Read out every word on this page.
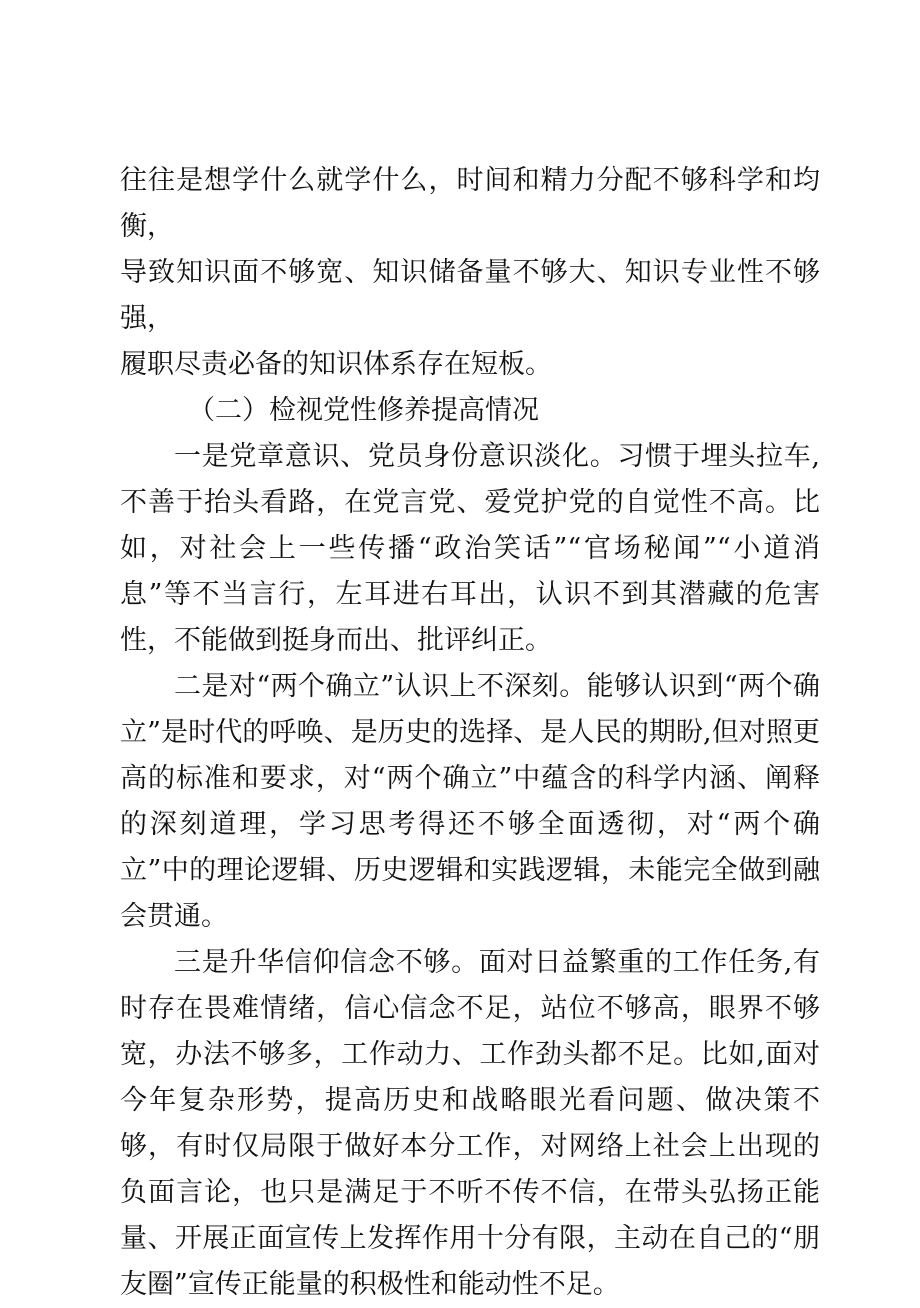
往往是想学什么就学什么，时间和精力分配不够科学和均衡，
导致知识面不够宽、知识储备量不够大、知识专业性不够强，
履职尽责必备的知识体系存在短板。

（二）检视党性修养提高情况

一是党章意识、党员身份意识淡化。习惯于埋头拉车,不善于抬头看路，在党言党、爱党护党的自觉性不高。比如，对社会上一些传播“政治笑话”“官场秘闻”“小道消息”等不当言行，左耳进右耳出，认识不到其潜藏的危害性，不能做到挺身而出、批评纠正。

二是对“两个确立”认识上不深刻。能够认识到“两个确立”是时代的呼唤、是历史的选择、是人民的期盼,但对照更高的标准和要求，对“两个确立”中蕴含的科学内涵、阐释的深刻道理，学习思考得还不够全面透彻，对“两个确立”中的理论逻辑、历史逻辑和实践逻辑，未能完全做到融会贯通。

三是升华信仰信念不够。面对日益繁重的工作任务,有时存在畏难情绪，信心信念不足，站位不够高，眼界不够宽，办法不够多，工作动力、工作劲头都不足。比如,面对今年复杂形势，提高历史和战略眼光看问题、做决策不够，有时仅局限于做好本分工作，对网络上社会上出现的负面言论，也只是满足于不听不传不信，在带头弘扬正能量、开展正面宣传上发挥作用十分有限，主动在自己的“朋友圈”宣传正能量的积极性和能动性不足。
